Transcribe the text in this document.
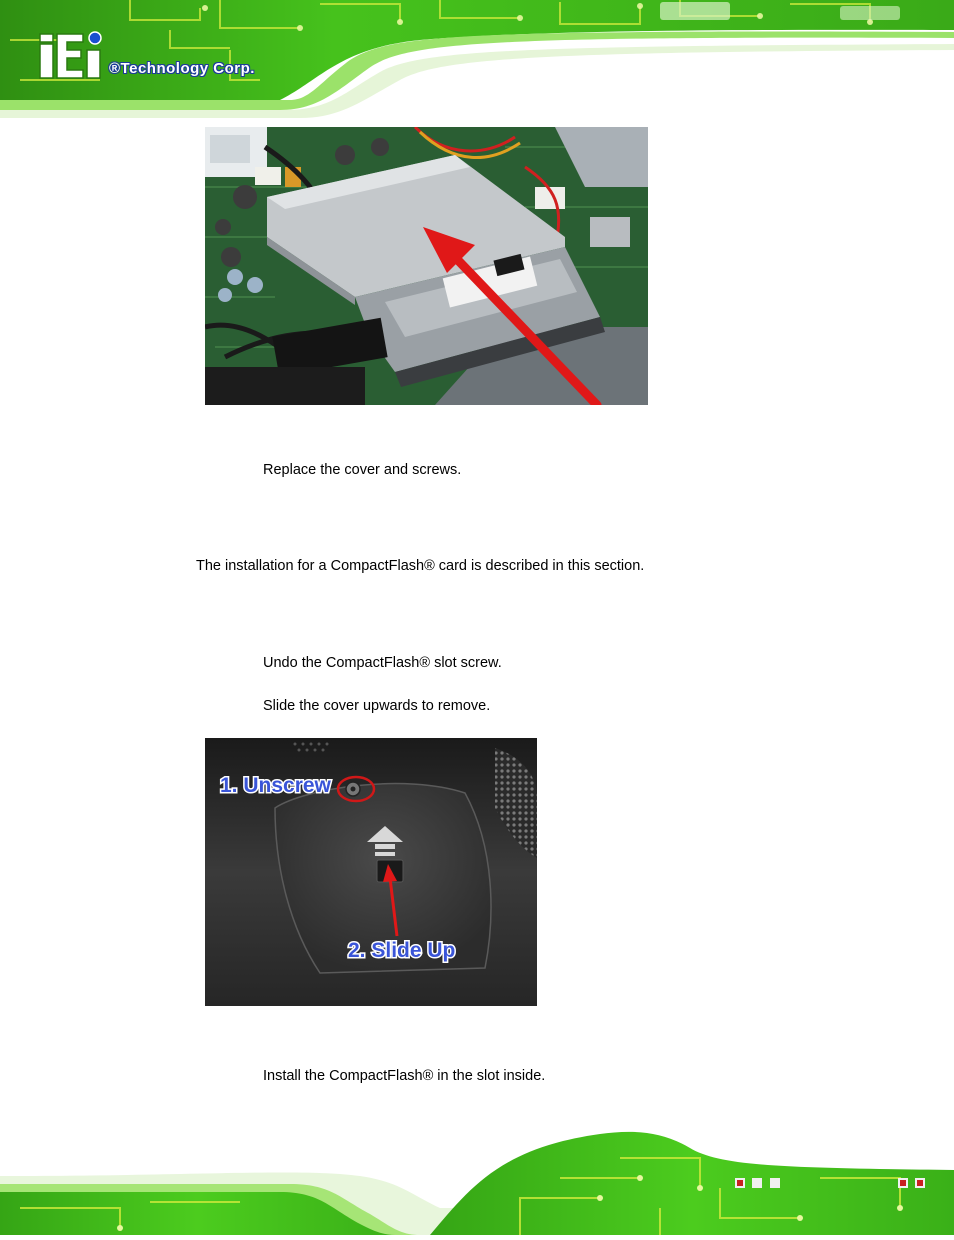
®Technology Corp.
Replace the cover and screws.
The installation for a CompactFlash® card is described in this section.
Undo the CompactFlash® slot screw.
Slide the cover upwards to remove.
1. Unscrew
2. Slide Up
Install the CompactFlash® in the slot inside.
